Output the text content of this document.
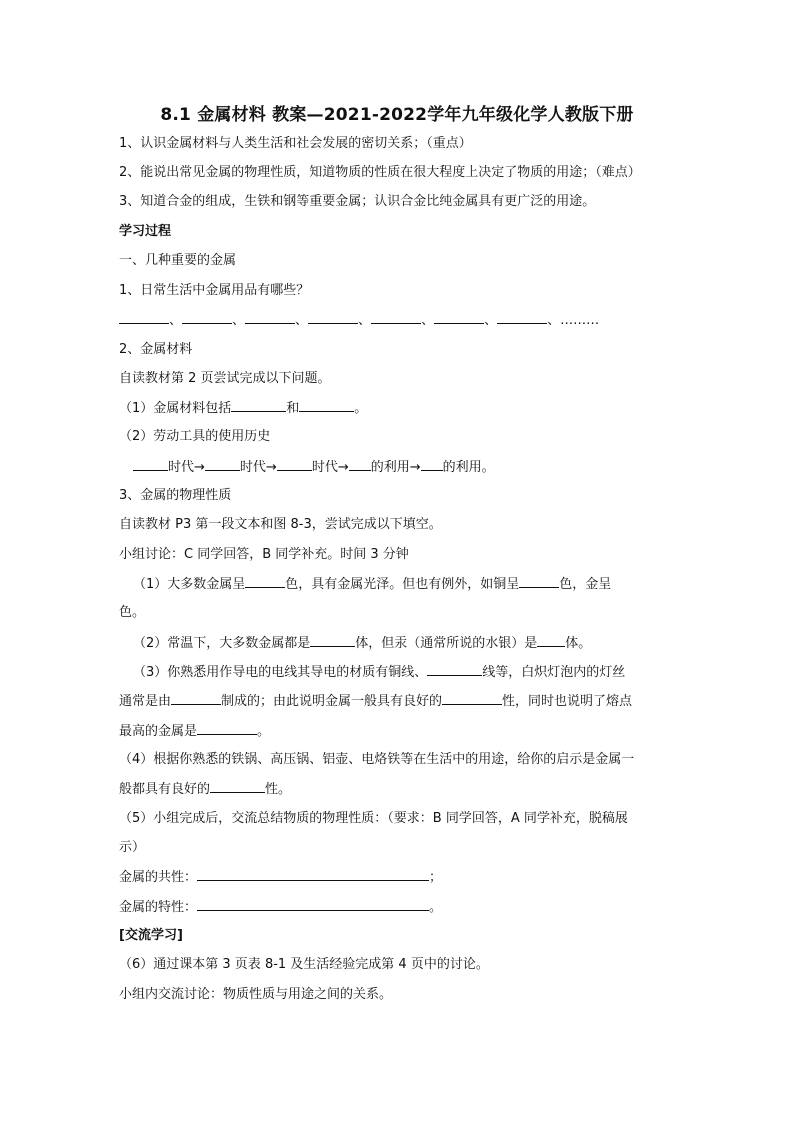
8.1 金属材料 教案—2021-2022学年九年级化学人教版下册
1、认识金属材料与人类生活和社会发展的密切关系；（重点）
2、能说出常见金属的物理性质，知道物质的性质在很大程度上决定了物质的用途；（难点）
3、知道合金的组成，生铁和钢等重要金属；认识合金比纯金属具有更广泛的用途。
学习过程
一、几种重要的金属
1、日常生活中金属用品有哪些？
、	、	、	、	、	、	、………
2、金属材料
自读教材第 2 页尝试完成以下问题。
（1）金属材料包括	和	。
（2）劳动工具的使用历史
时代→	时代→	时代→ 的利用→ 的利用。
3、金属的物理性质
自读教材 P3 第一段文本和图 8-3，尝试完成以下填空。
小组讨论：C 同学回答，B 同学补充。时间 3 分钟
（1）大多数金属呈	色，具有金属光泽。但也有例外，如铜呈	色，金呈
色。
（2）常温下，大多数金属都是	体，但汞（通常所说的水银）是 体。
（3）你熟悉用作导电的电线其导电的材质有铜线、	线等，白炽灯泡内的灯丝
通常是由	制成的；由此说明金属一般具有良好的	性，同时也说明了熔点
最高的金属是	。
（4）根据你熟悉的铁锅、高压锅、铝壶、电烙铁等在生活中的用途，给你的启示是金属一
般都具有良好的	性。
（5）小组完成后，交流总结物质的物理性质：（要求：B 同学回答，A 同学补充，脱稿展
示）
金属的共性：	；
金属的特性：	。
[交流学习]
（6）通过课本第 3 页表 8-1 及生活经验完成第 4 页中的讨论。
小组内交流讨论：物质性质与用途之间的关系。
